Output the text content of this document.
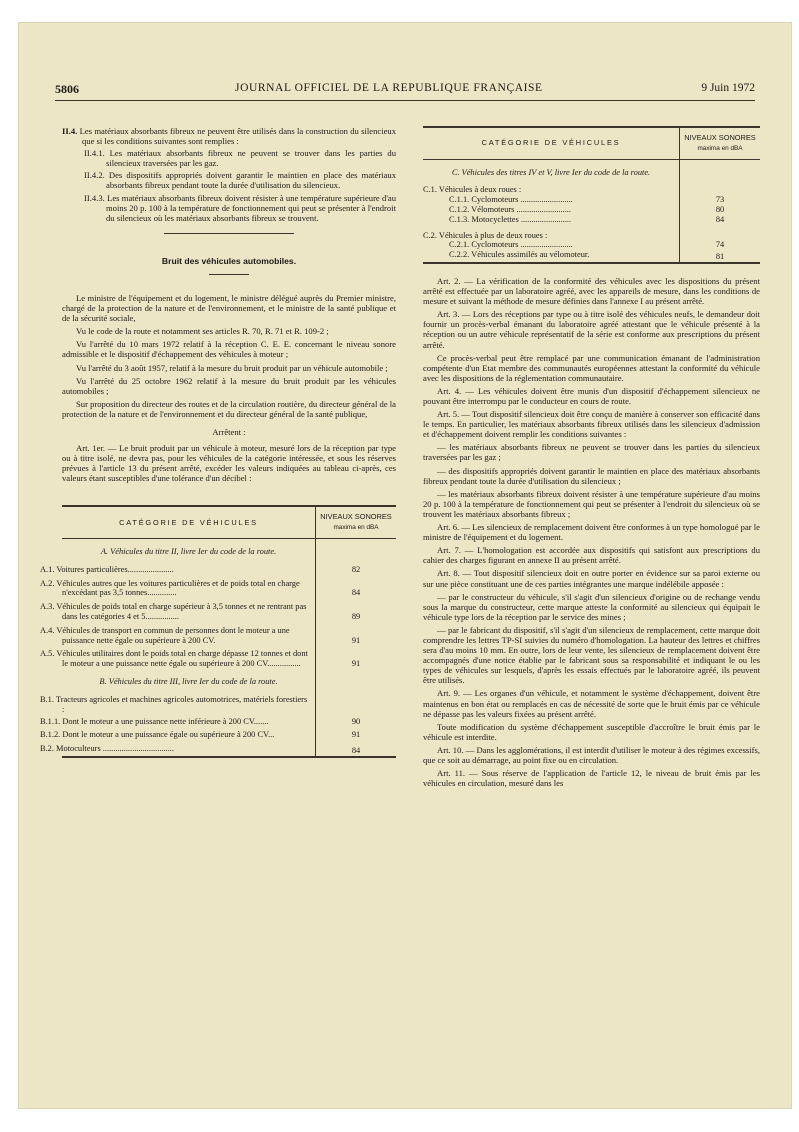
5806	JOURNAL OFFICIEL DE LA REPUBLIQUE FRANÇAISE	9 Juin 1972

II.4. Les matériaux absorbants fibreux ne peuvent être utilisés dans la construction du silencieux que si les conditions suivantes sont remplies :

II.4.1. Les matériaux absorbants fibreux ne peuvent se trouver dans les parties du silencieux traversées par les gaz.

II.4.2. Des dispositifs appropriés doivent garantir le maintien en place des matériaux absorbants fibreux pendant toute la durée d'utilisation du silencieux.

II.4.3. Les matériaux absorbants fibreux doivent résister à une température supérieure d'au moins 20 p. 100 à la température de fonctionnement qui peut se présenter à l'endroit du silencieux où les matériaux absorbants fibreux se trouvent.

Bruit des véhicules automobiles.

Le ministre de l'équipement et du logement, le ministre délégué auprès du Premier ministre, chargé de la protection de la nature et de l'environnement, et le ministre de la santé publique et de la sécurité sociale,

Vu le code de la route et notamment ses articles R. 70, R. 71 et R. 109-2 ;

Vu l'arrêté du 10 mars 1972 relatif à la réception C. E. E. concernant le niveau sonore admissible et le dispositif d'échappement des véhicules à moteur ;

Vu l'arrêté du 3 août 1957, relatif à la mesure du bruit produit par un véhicule automobile ;

Vu l'arrêté du 25 octobre 1962 relatif à la mesure du bruit produit par les véhicules automobiles ;

Sur proposition du directeur des routes et de la circulation routière, du directeur général de la protection de la nature et de l'environnement et du directeur général de la santé publique,

Arrêtent :

Art. 1er. — Le bruit produit par un véhicule à moteur, mesuré lors de la réception par type ou à titre isolé, ne devra pas, pour les véhicules de la catégorie intéressée, et sous les réserves prévues à l'article 13 du présent arrêté, excéder les valeurs indiquées au tableau ci-après, ces valeurs étant susceptibles d'une tolérance d'un décibel :

CATÉGORIE DE VÉHICULES	NIVEAUX SONORES
maxima en dBA
A. Véhicules du titre II, livre Ier du code de la route.	
A.1. Voitures particulières......................	82
A.2. Véhicules autres que les voitures particulières et de poids total en charge n'excédant pas 3,5 tonnes..............	84
A.3. Véhicules de poids total en charge supérieur à 3,5 tonnes et ne rentrant pas dans les catégories 4 et 5................	89
A.4. Véhicules de transport en commun de personnes dont le moteur a une puissance nette égale ou supérieure à 200 CV.	91
A.5. Véhicules utilitaires dont le poids total en charge dépasse 12 tonnes et dont le moteur a une puissance nette égale ou supérieure à 200 CV................	91
B. Véhicules du titre III, livre Ier du code de la route.	
B.1. Tracteurs agricoles et machines agricoles automotrices, matériels forestiers :	
B.1.1. Dont le moteur a une puissance nette inférieure à 200 CV.......	90
B.1.2. Dont le moteur a une puissance égale ou supérieure à 200 CV...	91
B.2. Motoculteurs ..................................	84
CATÉGORIE DE VÉHICULES	NIVEAUX SONORES
maxima en dBA
C. Véhicules des titres IV et V, livre Ier du code de la route.	
C.1. Véhicules à deux roues :	
C.1.1. Cyclomoteurs .........................	73
C.1.2. Vélomoteurs ..........................	80
C.1.3. Motocyclettes ........................	84
C.2. Véhicules à plus de deux roues :	
C.2.1. Cyclomoteurs .........................	74
C.2.2. Véhicules assimilés au vélomoteur.	81

Art. 2. — La vérification de la conformité des véhicules avec les dispositions du présent arrêté est effectuée par un laboratoire agréé, avec les appareils de mesure, dans les conditions de mesure et suivant la méthode de mesure définies dans l'annexe I au présent arrêté.

Art. 3. — Lors des réceptions par type ou à titre isolé des véhicules neufs, le demandeur doit fournir un procès-verbal émanant du laboratoire agréé attestant que le véhicule présenté à la réception ou un autre véhicule représentatif de la série est conforme aux prescriptions du présent arrêté.

Ce procès-verbal peut être remplacé par une communication émanant de l'administration compétente d'un Etat membre des communautés européennes attestant la conformité du véhicule avec les dispositions de la réglementation communautaire.

Art. 4. — Les véhicules doivent être munis d'un dispositif d'échappement silencieux ne pouvant être interrompu par le conducteur en cours de route.

Art. 5. — Tout dispositif silencieux doit être conçu de manière à conserver son efficacité dans le temps. En particulier, les matériaux absorbants fibreux utilisés dans les silencieux d'admission et d'échappement doivent remplir les conditions suivantes :

— les matériaux absorbants fibreux ne peuvent se trouver dans les parties du silencieux traversées par les gaz ;

— des dispositifs appropriés doivent garantir le maintien en place des matériaux absorbants fibreux pendant toute la durée d'utilisation du silencieux ;

— les matériaux absorbants fibreux doivent résister à une température supérieure d'au moins 20 p. 100 à la température de fonctionnement qui peut se présenter à l'endroit du silencieux où se trouvent les matériaux absorbants fibreux ;

Art. 6. — Les silencieux de remplacement doivent être conformes à un type homologué par le ministre de l'équipement et du logement.

Art. 7. — L'homologation est accordée aux dispositifs qui satisfont aux prescriptions du cahier des charges figurant en annexe II au présent arrêté.

Art. 8. — Tout dispositif silencieux doit en outre porter en évidence sur sa paroi externe ou sur une pièce constituant une de ces parties intégrantes une marque indélébile apposée :

— par le constructeur du véhicule, s'il s'agit d'un silencieux d'origine ou de rechange vendu sous la marque du constructeur, cette marque atteste la conformité au silencieux qui équipait le véhicule type lors de la réception par le service des mines ;

— par le fabricant du dispositif, s'il s'agit d'un silencieux de remplacement, cette marque doit comprendre les lettres TP-SI suivies du numéro d'homologation. La hauteur des lettres et chiffres sera d'au moins 10 mm. En outre, lors de leur vente, les silencieux de remplacement doivent être accompagnés d'une notice établie par le fabricant sous sa responsabilité et indiquant le ou les types de véhicules sur lesquels, d'après les essais effectués par le laboratoire agréé, ils peuvent être utilisés.

Art. 9. — Les organes d'un véhicule, et notamment le système d'échappement, doivent être maintenus en bon état ou remplacés en cas de nécessité de sorte que le bruit émis par ce véhicule ne dépasse pas les valeurs fixées au présent arrêté.

Toute modification du système d'échappement susceptible d'accroître le bruit émis par le véhicule est interdite.

Art. 10. — Dans les agglomérations, il est interdit d'utiliser le moteur à des régimes excessifs, que ce soit au démarrage, au point fixe ou en circulation.

Art. 11. — Sous réserve de l'application de l'article 12, le niveau de bruit émis par les véhicules en circulation, mesuré dans les
